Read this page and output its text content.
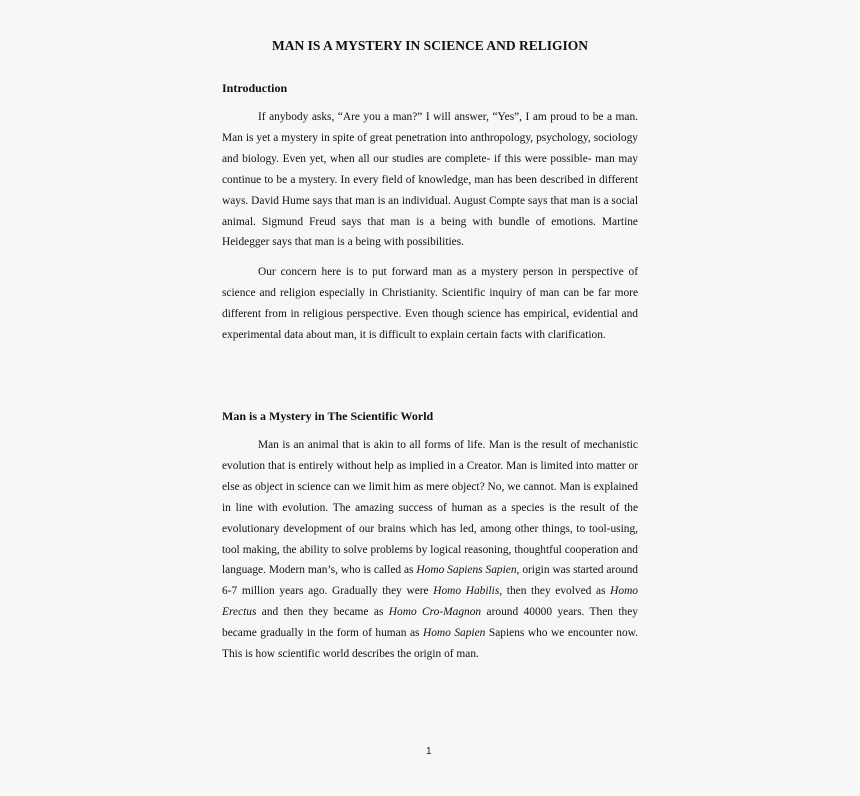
MAN IS A MYSTERY IN SCIENCE AND RELIGION
Introduction

If anybody asks, “Are you a man?” I will answer, “Yes”, I am proud to be a man. Man is yet a mystery in spite of great penetration into anthropology, psychology, sociology and biology. Even yet, when all our studies are complete- if this were possible- man may continue to be a mystery. In every field of knowledge, man has been described in different ways. David Hume says that man is an individual. August Compte says that man is a social animal. Sigmund Freud says that man is a being with bundle of emotions. Martine Heidegger says that man is a being with possibilities.

Our concern here is to put forward man as a mystery person in perspective of science and religion especially in Christianity. Scientific inquiry of man can be far more different from in religious perspective. Even though science has empirical, evidential and experimental data about man, it is difficult to explain certain facts with clarification.

Man is a Mystery in The Scientific World

Man is an animal that is akin to all forms of life. Man is the result of mechanistic evolution that is entirely without help as implied in a Creator. Man is limited into matter or else as object in science can we limit him as mere object? No, we cannot. Man is explained in line with evolution. The amazing success of human as a species is the result of the evolutionary development of our brains which has led, among other things, to tool-using, tool making, the ability to solve problems by logical reasoning, thoughtful cooperation and language. Modern man’s, who is called as Homo Sapiens Sapien, origin was started around 6-7 million years ago. Gradually they were Homo Habilis, then they evolved as Homo Erectus and then they became as Homo Cro-Magnon around 40000 years. Then they became gradually in the form of human as Homo Sapien Sapiens who we encounter now. This is how scientific world describes the origin of man.

1
